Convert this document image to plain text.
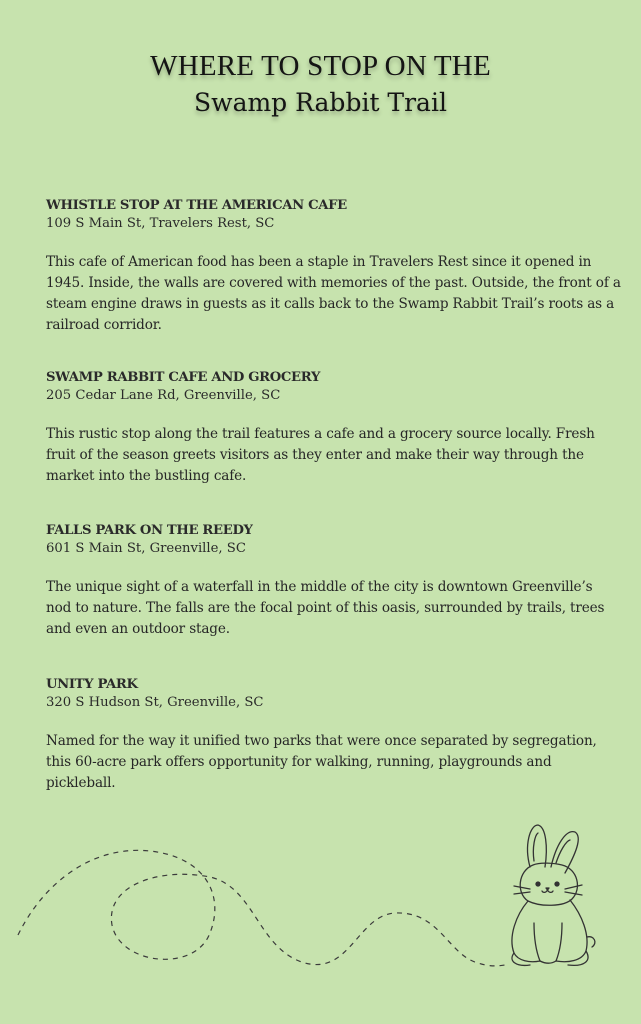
WHERE TO STOP ON THE
Swamp Rabbit Trail
WHISTLE STOP AT THE AMERICAN CAFE
109 S Main St, Travelers Rest, SC
This cafe of American food has been a staple in Travelers Rest since it opened in 1945. Inside, the walls are covered with memories of the past. Outside, the front of a steam engine draws in guests as it calls back to the Swamp Rabbit Trail’s roots as a railroad corridor.
SWAMP RABBIT CAFE AND GROCERY
205 Cedar Lane Rd, Greenville, SC
This rustic stop along the trail features a cafe and a grocery source locally. Fresh fruit of the season greets visitors as they enter and make their way through the market into the bustling cafe.
FALLS PARK ON THE REEDY
601 S Main St, Greenville, SC
The unique sight of a waterfall in the middle of the city is downtown Greenville’s nod to nature. The falls are the focal point of this oasis, surrounded by trails, trees and even an outdoor stage.
UNITY PARK
320 S Hudson St, Greenville, SC
Named for the way it unified two parks that were once separated by segregation, this 60-acre park offers opportunity for walking, running, playgrounds and pickleball.
